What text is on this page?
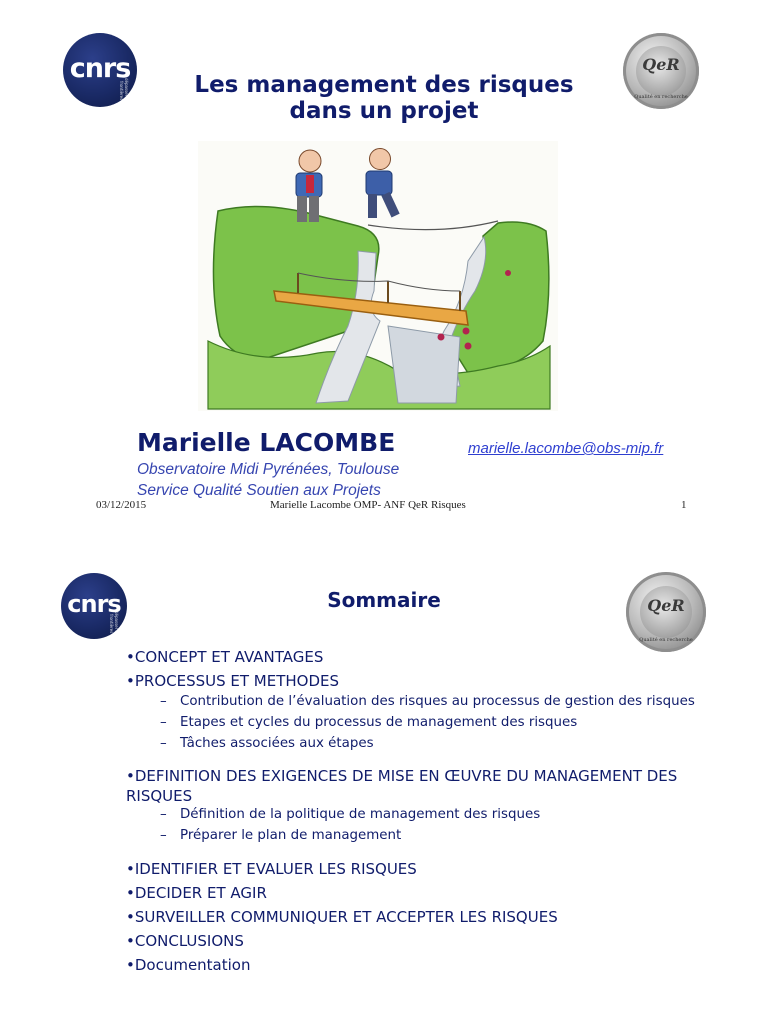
cnrs
dépasser les frontières
QeR
Qualité en recherche
Les management des risques
dans un projet
Marielle LACOMBE	marielle.lacombe@obs-mip.fr
Observatoire Midi Pyrénées, Toulouse
Service Qualité Soutien aux Projets
03/12/2015	Marielle Lacombe OMP- ANF QeR Risques	1
cnrs
dépasser les frontières
QeR
Qualité en recherche
Sommaire
•CONCEPT ET AVANTAGES
•PROCESSUS ET METHODES
– Contribution de l’évaluation des risques au processus de gestion des risques
– Etapes et cycles du processus de management des risques
– Tâches associées aux étapes
•DEFINITION DES EXIGENCES DE MISE EN ŒUVRE DU MANAGEMENT DES RISQUES
– Définition de la politique de management des risques
– Préparer le plan de management
•IDENTIFIER ET EVALUER LES RISQUES
•DECIDER ET AGIR
•SURVEILLER COMMUNIQUER ET ACCEPTER LES RISQUES
•CONCLUSIONS
•Documentation
